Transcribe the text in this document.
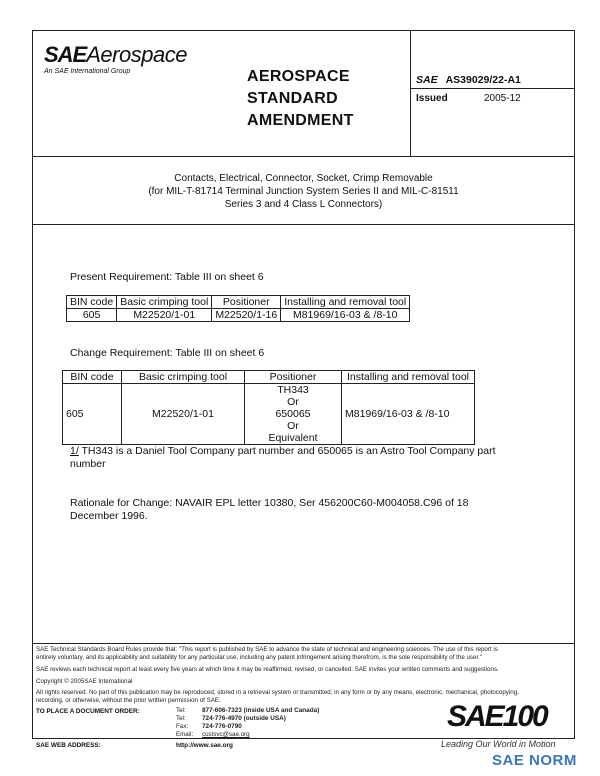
SAEAerospace
An SAE International Group	AEROSPACE
STANDARD
AMENDMENT
SAE AS39029/22-A1
Issued	2005-12
Contacts, Electrical, Connector, Socket, Crimp Removable
(for MIL-T-81714 Terminal Junction System Series II and MIL-C-81511
Series 3 and 4 Class L Connectors)
Present Requirement: Table III on sheet 6
BIN code	Basic crimping tool	Positioner	Installing and removal tool
605	M22520/1-01	M22520/1-16	M81969/16-03 & /8-10
Change Requirement: Table III on sheet 6
BIN code	Basic crimping tool	Positioner	Installing and removal tool
605	M22520/1-01	TH343
Or
650065
Or
Equivalent	M81969/16-03 & /8-10
1/ TH343 is a Daniel Tool Company part number and 650065 is an Astro Tool Company part number
Rationale for Change: NAVAIR EPL letter 10380, Ser 456200C60-M004058.C96 of 18
December 1996.
SAE Technical Standards Board Rules provide that: "This report is published by SAE to advance the state of technical and engineering sciences. The use of this report is
entirely voluntary, and its applicability and suitability for any particular use, including any patent infringement arising therefrom, is the sole responsibility of the user."
SAE reviews each technical report at least every five years at which time it may be reaffirmed, revised, or cancelled. SAE invites your written comments and suggestions.
Copyright © 2005SAE International
All rights reserved. No part of this publication may be reproduced, stored in a retrieval system or transmitted, in any form or by any means, electronic, mechanical, photocopying,
recording, or otherwise, without the prior written permission of SAE.
TO PLACE A DOCUMENT ORDER:	Tel:	877-606-7323 (inside USA and Canada)
Tel:	724-776-4970 (outside USA)
Fax: 724-776-0790
Email: custsvc@sae.org
SAE WEB ADDRESS:	http://www.sae.org
SAE100
Leading Our World in Motion
SAE NORM
